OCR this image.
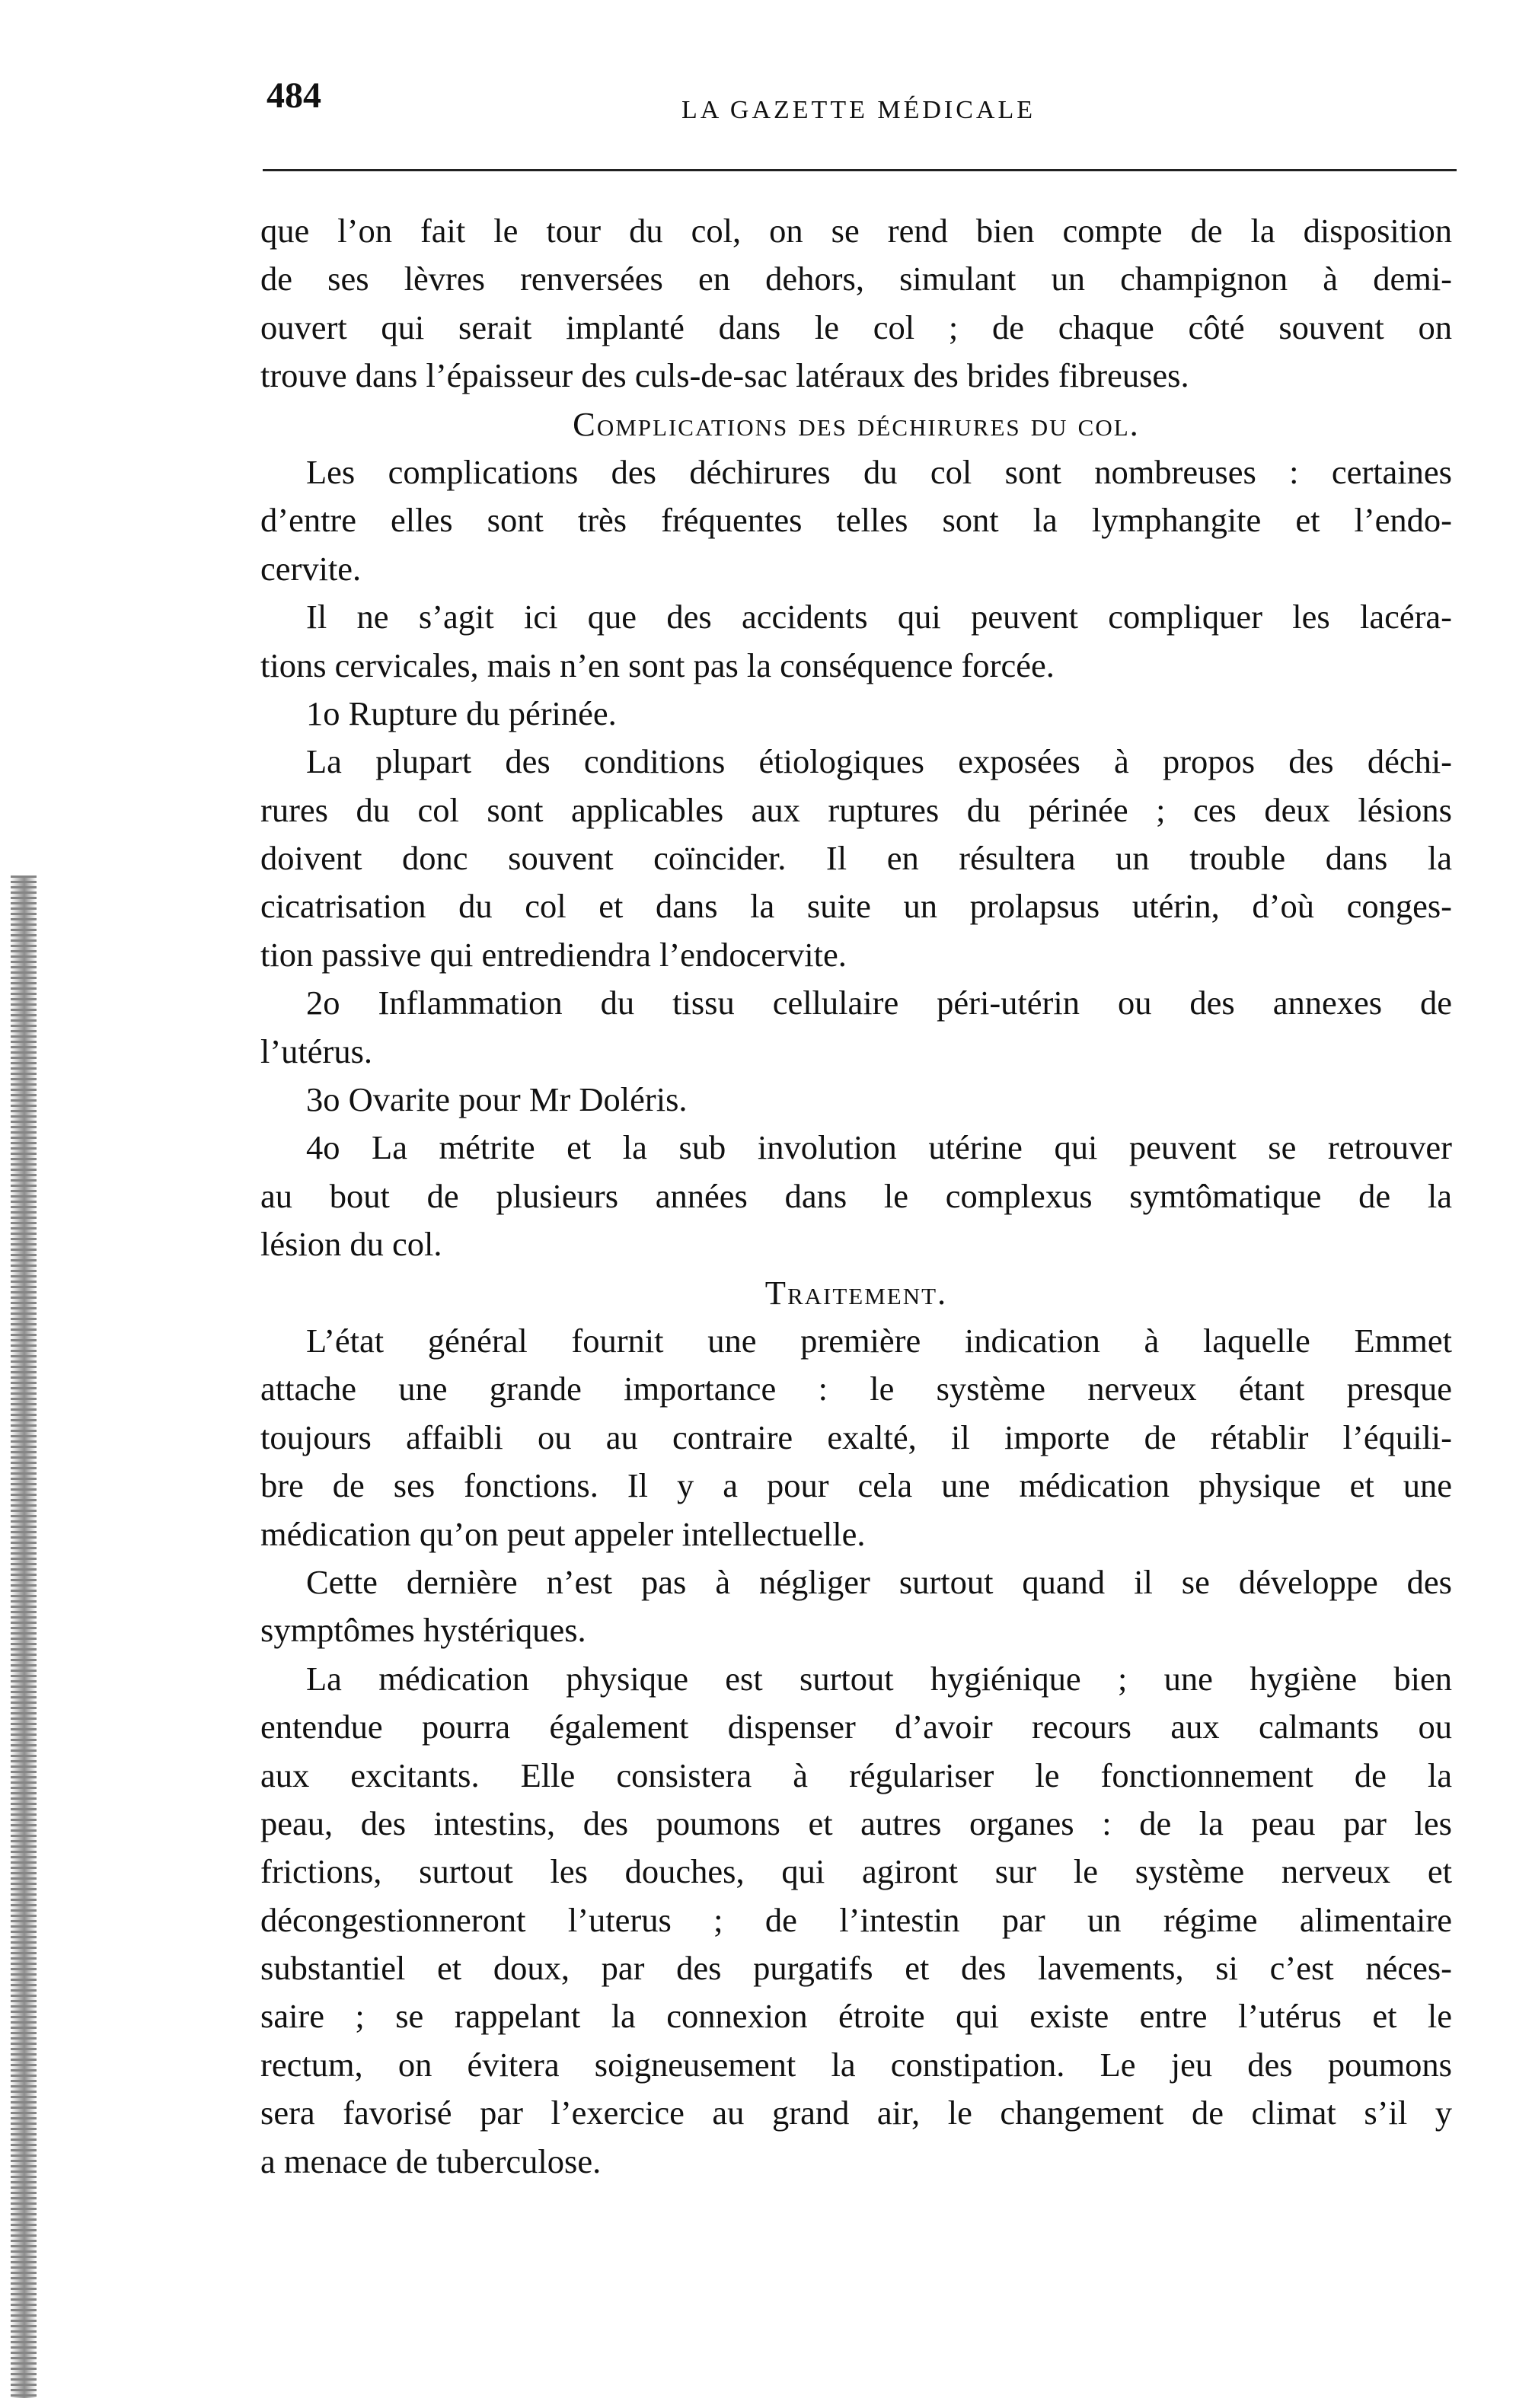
484	LA GAZETTE MÉDICALE
que l’on fait le tour du col, on se rend bien compte de la disposition
de ses lèvres renversées en dehors, simulant un champignon à demi-
ouvert qui serait implanté dans le col ; de chaque côté souvent on
trouve dans l’épaisseur des culs-de-sac latéraux des brides fibreuses.
Complications des déchirures du col.
Les complications des déchirures du col sont nombreuses : certaines
d’entre elles sont très fréquentes telles sont la lymphangite et l’endo-
cervite.
Il ne s’agit ici que des accidents qui peuvent compliquer les lacéra-
tions cervicales, mais n’en sont pas la conséquence forcée.
1o Rupture du périnée.
La plupart des conditions étiologiques exposées à propos des déchi-
rures du col sont applicables aux ruptures du périnée ; ces deux lésions
doivent donc souvent coïncider. Il en résultera un trouble dans la
cicatrisation du col et dans la suite un prolapsus utérin, d’où conges-
tion passive qui entrediendra l’endocervite.
2o Inflammation du tissu cellulaire péri-utérin ou des annexes de
l’utérus.
3o Ovarite pour Mr Doléris.
4o La métrite et la sub involution utérine qui peuvent se retrouver
au bout de plusieurs années dans le complexus symtômatique de la
lésion du col.
Traitement.
L’état général fournit une première indication à laquelle Emmet
attache une grande importance : le système nerveux étant presque
toujours affaibli ou au contraire exalté, il importe de rétablir l’équili-
bre de ses fonctions. Il y a pour cela une médication physique et une
médication qu’on peut appeler intellectuelle.
Cette dernière n’est pas à négliger surtout quand il se développe des
symptômes hystériques.
La médication physique est surtout hygiénique ; une hygiène bien
entendue pourra également dispenser d’avoir recours aux calmants ou
aux excitants. Elle consistera à régulariser le fonctionnement de la
peau, des intestins, des poumons et autres organes : de la peau par les
frictions, surtout les douches, qui agiront sur le système nerveux et
décongestionneront l’uterus ; de l’intestin par un régime alimentaire
substantiel et doux, par des purgatifs et des lavements, si c’est néces-
saire ; se rappelant la connexion étroite qui existe entre l’utérus et le
rectum, on évitera soigneusement la constipation. Le jeu des poumons
sera favorisé par l’exercice au grand air, le changement de climat s’il y
a menace de tuberculose.
